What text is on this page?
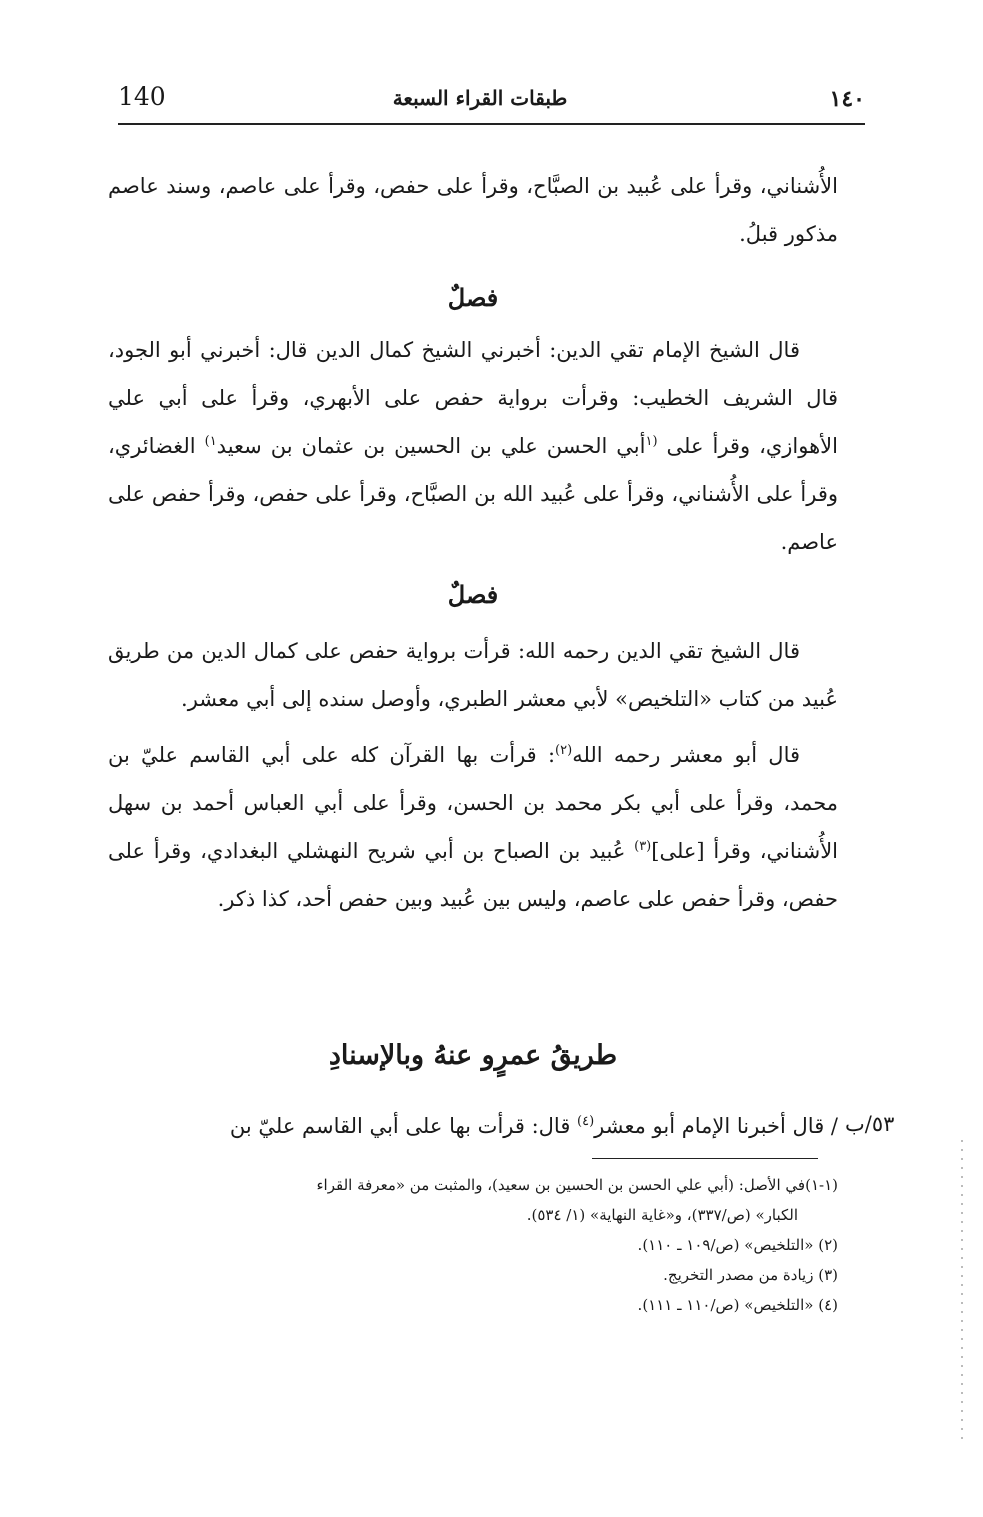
140	طبقات القراء السبعة	١٤٠

الأُشناني، وقرأ على عُبيد بن الصبَّاح، وقرأ على حفص، وقرأ على عاصم، وسند عاصم مذكور قبلُ.

فصلٌ

قال الشيخ الإمام تقي الدين: أخبرني الشيخ كمال الدين قال: أخبرني أبو الجود، قال الشريف الخطيب: وقرأت برواية حفص على الأبهري، وقرأ على أبي علي الأهوازي، وقرأ على $^{(١}$أبي الحسن علي بن الحسين بن عثمان بن سعيد$^{١)}$ الغضائري، وقرأ على الأُشناني، وقرأ على عُبيد الله بن الصبَّاح، وقرأ على حفص، وقرأ حفص على عاصم.

فصلٌ

قال الشيخ تقي الدين رحمه الله: قرأت برواية حفص على كمال الدين من طريق عُبيد من كتاب «التلخيص» لأبي معشر الطبري، وأوصل سنده إلى أبي معشر.

قال أبو معشر رحمه الله$^{(٢)}$: قرأت بها القرآن كله على أبي القاسم عليّ بن محمد، وقرأ على أبي بكر محمد بن الحسن، وقرأ على أبي العباس أحمد بن سهل الأُشناني، وقرأ [على]$^{(٣)}$ عُبيد بن الصباح بن أبي شريح النهشلي البغدادي، وقرأ على حفص، وقرأ حفص على عاصم، وليس بين عُبيد وبين حفص أحد، كذا ذكر.

طريقُ عمرٍو عنهُ وبالإسنادِ
٥٣/ب

/ قال أخبرنا الإمام أبو معشر$^{(٤)}$ قال: قرأت بها على أبي القاسم عليّ بن

(١-١)في الأصل: (أبي علي الحسن بن الحسين بن سعيد)، والمثبت من «معرفة القراء
الكبار» (ص/٣٣٧)، و«غاية النهاية» (١/ ٥٣٤).
(٢) «التلخيص» (ص/١٠٩ ـ ١١٠).
(٣) زيادة من مصدر التخريج.
(٤) «التلخيص» (ص/١١٠ ـ ١١١).
